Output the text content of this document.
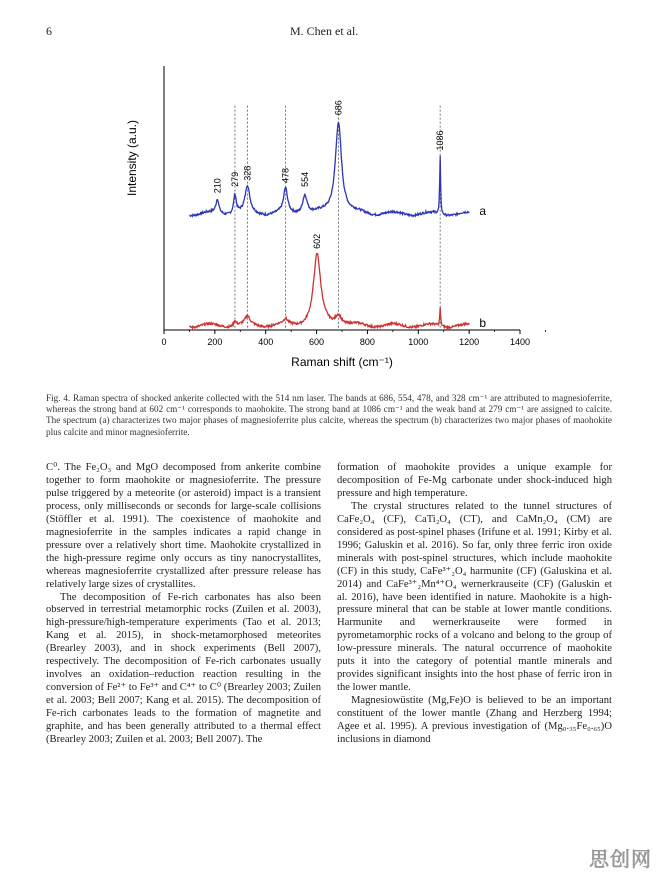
6	M. Chen et al.
0	200	400	600	800	1000	1200	1400
Raman shift (cm⁻¹)
Intensity (a.u.)
a
210 279 328	478 554
686
1086
b
602
Fig. 4. Raman spectra of shocked ankerite collected with the 514 nm laser. The bands at 686, 554, 478, and 328 cm⁻¹ are attributed to magnesioferrite, whereas the strong band at 602 cm⁻¹ corresponds to maohokite. The strong band at 1086 cm⁻¹ and the weak band at 279 cm⁻¹ are assigned to calcite. The spectrum (a) characterizes two major phases of magnesioferrite plus calcite, whereas the spectrum (b) characterizes two major phases of maohokite plus calcite and minor magnesioferrite.

C⁰. The Fe₂O₃ and MgO decomposed from ankerite combine together to form maohokite or magnesioferrite. The pressure pulse triggered by a meteorite (or asteroid) impact is a transient process, only milliseconds or seconds for large-scale collisions (Stöffler et al. 1991). The coexistence of maohokite and magnesioferrite in the samples indicates a rapid change in pressure over a relatively short time. Maohokite crystallized in the high-pressure regime only occurs as tiny nanocrystallites, whereas magnesioferrite crystallized after pressure release has relatively large sizes of crystallites.

The decomposition of Fe-rich carbonates has also been observed in terrestrial metamorphic rocks (Zuilen et al. 2003), high-pressure/high-temperature experiments (Tao et al. 2013; Kang et al. 2015), in shock-metamorphosed meteorites (Brearley 2003), and in shock experiments (Bell 2007), respectively. The decomposition of Fe-rich carbonates usually involves an oxidation–reduction reaction resulting in the conversion of Fe²⁺ to Fe³⁺ and C⁴⁺ to C⁰ (Brearley 2003; Zuilen et al. 2003; Bell 2007; Kang et al. 2015). The decomposition of Fe-rich carbonates leads to the formation of magnetite and graphite, and has been generally attributed to a thermal effect (Brearley 2003; Zuilen et al. 2003; Bell 2007). The

formation of maohokite provides a unique example for decomposition of Fe-Mg carbonate under shock-induced high pressure and high temperature.

The crystal structures related to the tunnel structures of CaFe₂O₄ (CF), CaTi₂O₄ (CT), and CaMn₂O₄ (CM) are considered as post-spinel phases (Irifune et al. 1991; Kirby et al. 1996; Galuskin et al. 2016). So far, only three ferric iron oxide minerals with post-spinel structures, which include maohokite (CF) in this study, CaFe³⁺₂O₄ harmunite (CF) (Galuskina et al. 2014) and CaFe³⁺₂Mn⁴⁺O₄ wernerkrauseite (CF) (Galuskin et al. 2016), have been identified in nature. Maohokite is a high-pressure mineral that can be stable at lower mantle conditions. Harmunite and wernerkrauseite were formed in pyrometamorphic rocks of a volcano and belong to the group of low-pressure minerals. The natural occurrence of maohokite puts it into the category of potential mantle minerals and provides significant insights into the host phase of ferric iron in the lower mantle.

Magnesiowüstite (Mg,Fe)O is believed to be an important constituent of the lower mantle (Zhang and Herzberg 1994; Agee et al. 1995). A previous investigation of (Mg₀.₃₅Fe₀.₆₅)O inclusions in diamond

思创网
